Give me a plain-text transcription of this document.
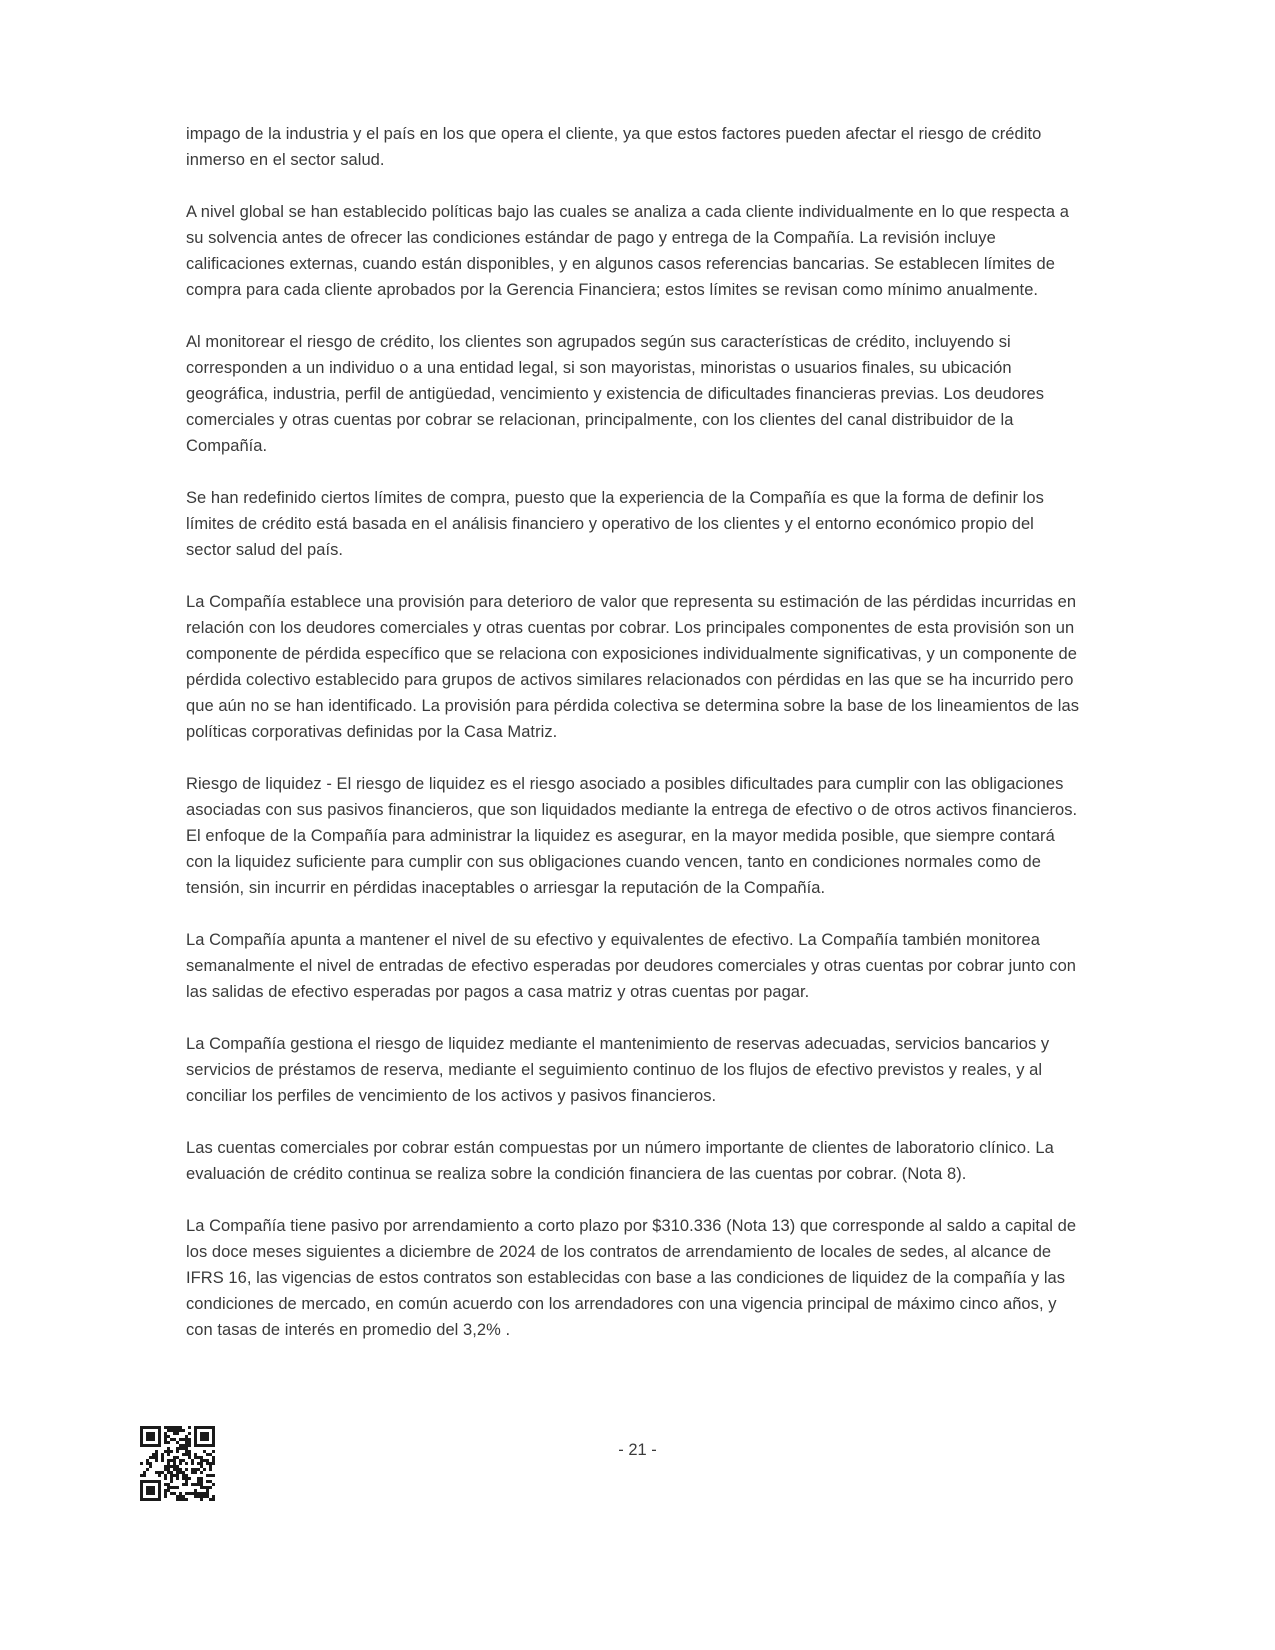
impago de la industria y el país en los que opera el cliente, ya que estos factores pueden afectar el riesgo de crédito inmerso en el sector salud.

A nivel global se han establecido políticas bajo las cuales se analiza a cada cliente individualmente en lo que respecta a su solvencia antes de ofrecer las condiciones estándar de pago y entrega de la Compañía. La revisión incluye calificaciones externas, cuando están disponibles, y en algunos casos referencias bancarias. Se establecen límites de compra para cada cliente aprobados por la Gerencia Financiera; estos límites se revisan como mínimo anualmente.

Al monitorear el riesgo de crédito, los clientes son agrupados según sus características de crédito, incluyendo si corresponden a un individuo o a una entidad legal, si son mayoristas, minoristas o usuarios finales, su ubicación geográfica, industria, perfil de antigüedad, vencimiento y existencia de dificultades financieras previas. Los deudores comerciales y otras cuentas por cobrar se relacionan, principalmente, con los clientes del canal distribuidor de la Compañía.

Se han redefinido ciertos límites de compra, puesto que la experiencia de la Compañía es que la forma de definir los límites de crédito está basada en el análisis financiero y operativo de los clientes y el entorno económico propio del sector salud del país.

La Compañía establece una provisión para deterioro de valor que representa su estimación de las pérdidas incurridas en relación con los deudores comerciales y otras cuentas por cobrar. Los principales componentes de esta provisión son un componente de pérdida específico que se relaciona con exposiciones individualmente significativas, y un componente de pérdida colectivo establecido para grupos de activos similares relacionados con pérdidas en las que se ha incurrido pero que aún no se han identificado. La provisión para pérdida colectiva se determina sobre la base de los lineamientos de las políticas corporativas definidas por la Casa Matriz.

Riesgo de liquidez - El riesgo de liquidez es el riesgo asociado a posibles dificultades para cumplir con las obligaciones asociadas con sus pasivos financieros, que son liquidados mediante la entrega de efectivo o de otros activos financieros. El enfoque de la Compañía para administrar la liquidez es asegurar, en la mayor medida posible, que siempre contará con la liquidez suficiente para cumplir con sus obligaciones cuando vencen, tanto en condiciones normales como de tensión, sin incurrir en pérdidas inaceptables o arriesgar la reputación de la Compañía.

La Compañía apunta a mantener el nivel de su efectivo y equivalentes de efectivo. La Compañía también monitorea semanalmente el nivel de entradas de efectivo esperadas por deudores comerciales y otras cuentas por cobrar junto con las salidas de efectivo esperadas por pagos a casa matriz y otras cuentas por pagar.

La Compañía gestiona el riesgo de liquidez mediante el mantenimiento de reservas adecuadas, servicios bancarios y servicios de préstamos de reserva, mediante el seguimiento continuo de los flujos de efectivo previstos y reales, y al conciliar los perfiles de vencimiento de los activos y pasivos financieros.

Las cuentas comerciales por cobrar están compuestas por un número importante de clientes de laboratorio clínico. La evaluación de crédito continua se realiza sobre la condición financiera de las cuentas por cobrar. (Nota 8).

La Compañía tiene pasivo por arrendamiento a corto plazo por $310.336 (Nota 13) que corresponde al saldo a capital de los doce meses siguientes a diciembre de 2024 de los contratos de arrendamiento de locales de sedes, al alcance de IFRS 16, las vigencias de estos contratos son establecidas con base a las condiciones de liquidez de la compañía y las condiciones de mercado, en común acuerdo con los arrendadores con una vigencia principal de máximo cinco años, y con tasas de interés en promedio del 3,2% .

- 21 -
